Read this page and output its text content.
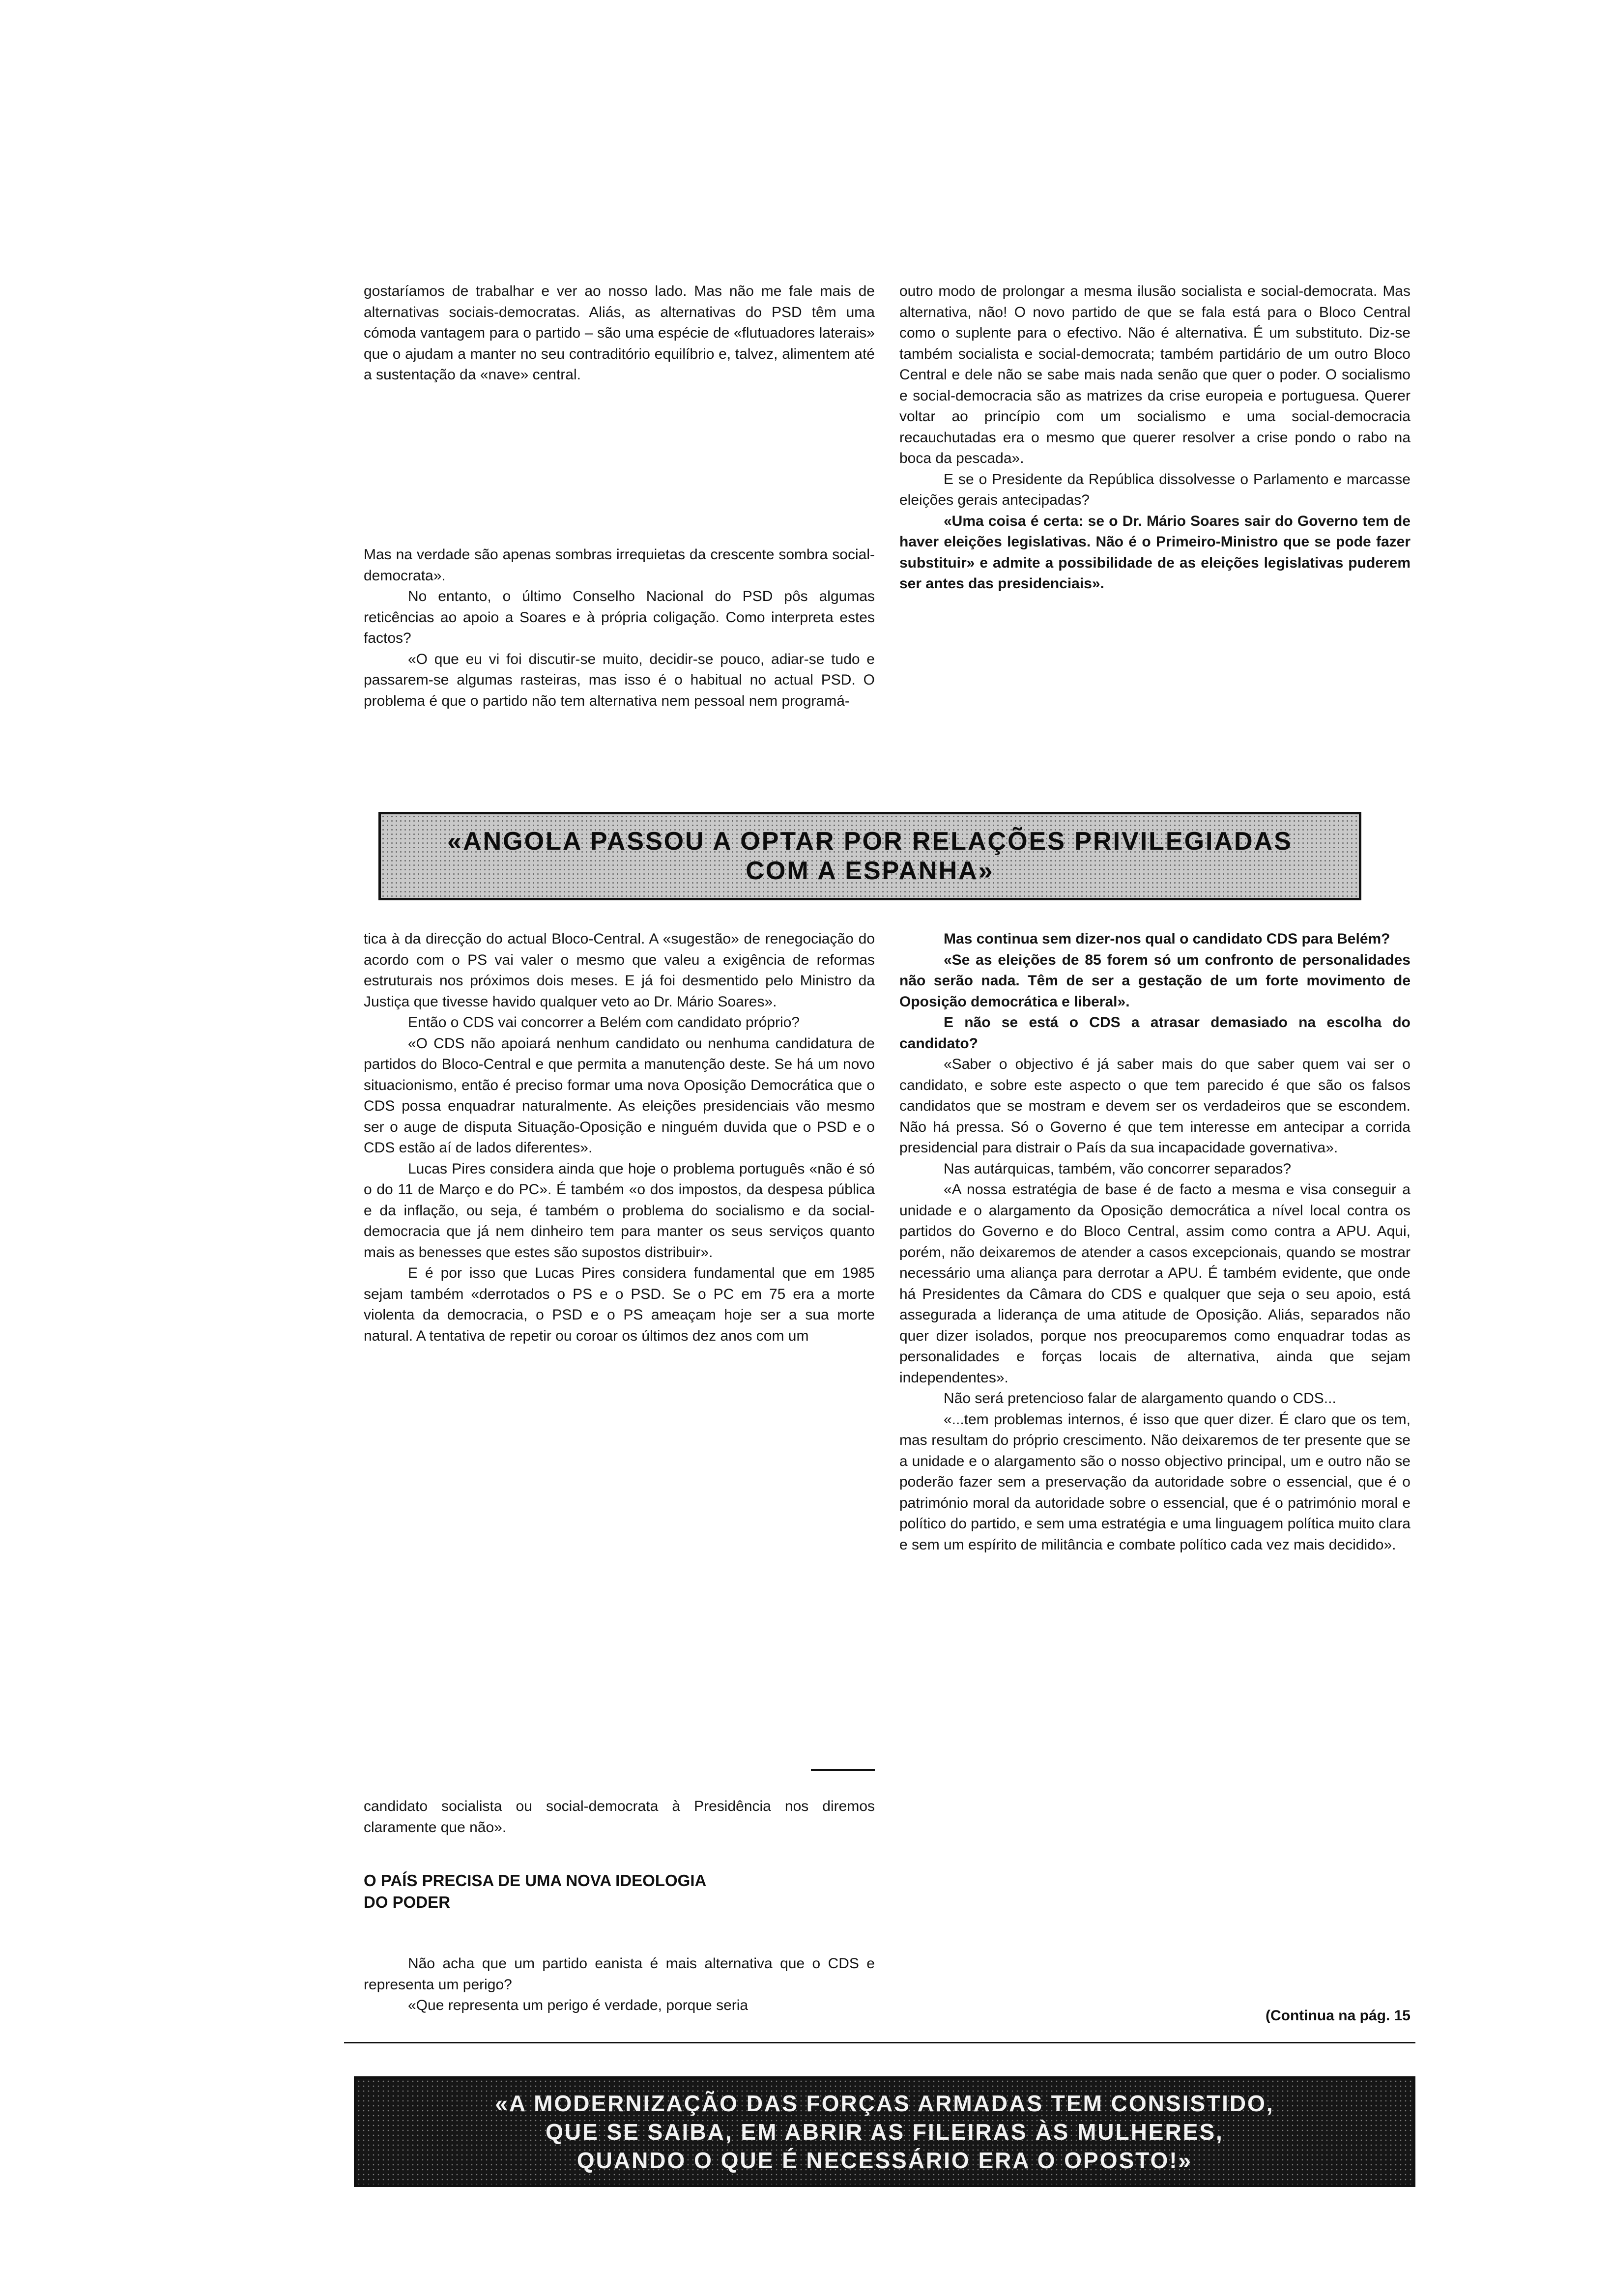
gostaríamos de trabalhar e ver ao nosso lado. Mas não me fale mais de alternativas sociais-democratas. Aliás, as alternativas do PSD têm uma cómoda vantagem para o partido – são uma espécie de «flutuadores laterais» que o ajudam a manter no seu contraditório equilíbrio e, talvez, alimentem até a sustentação da «nave» central.

Mas na verdade são apenas sombras irrequietas da crescente sombra social-democrata».

No entanto, o último Conselho Nacional do PSD pôs algumas reticências ao apoio a Soares e à própria coligação. Como interpreta estes factos?

«O que eu vi foi discutir-se muito, decidir-se pouco, adiar-se tudo e passarem-se algumas rasteiras, mas isso é o habitual no actual PSD. O problema é que o partido não tem alternativa nem pessoal nem programá-

outro modo de prolongar a mesma ilusão socialista e social-democrata. Mas alternativa, não! O novo partido de que se fala está para o Bloco Central como o suplente para o efectivo. Não é alternativa. É um substituto. Diz-se também socialista e social-democrata; também partidário de um outro Bloco Central e dele não se sabe mais nada senão que quer o poder. O socialismo e social-democracia são as matrizes da crise europeia e portuguesa. Querer voltar ao princípio com um socialismo e uma social-democracia recauchutadas era o mesmo que querer resolver a crise pondo o rabo na boca da pescada».

E se o Presidente da República dissolvesse o Parlamento e marcasse eleições gerais antecipadas?

«Uma coisa é certa: se o Dr. Mário Soares sair do Governo tem de haver eleições legislativas. Não é o Primeiro-Ministro que se pode fazer substituir» e admite a possibilidade de as eleições legislativas puderem ser antes das presidenciais».

«ANGOLA PASSOU A OPTAR POR RELAÇÕES PRIVILEGIADAS
COM A ESPANHA»

tica à da direcção do actual Bloco-Central. A «sugestão» de renegociação do acordo com o PS vai valer o mesmo que valeu a exigência de reformas estruturais nos próximos dois meses. E já foi desmentido pelo Ministro da Justiça que tivesse havido qualquer veto ao Dr. Mário Soares».

Então o CDS vai concorrer a Belém com candidato próprio?

«O CDS não apoiará nenhum candidato ou nenhuma candidatura de partidos do Bloco-Central e que permita a manutenção deste. Se há um novo situacionismo, então é preciso formar uma nova Oposição Democrática que o CDS possa enquadrar naturalmente. As eleições presidenciais vão mesmo ser o auge de disputa Situação-Oposição e ninguém duvida que o PSD e o CDS estão aí de lados diferentes».

Lucas Pires considera ainda que hoje o problema português «não é só o do 11 de Março e do PC». É também «o dos impostos, da despesa pública e da inflação, ou seja, é também o problema do socialismo e da social-democracia que já nem dinheiro tem para manter os seus serviços quanto mais as benesses que estes são supostos distribuir».

E é por isso que Lucas Pires considera fundamental que em 1985 sejam também «derrotados o PS e o PSD. Se o PC em 75 era a morte violenta da democracia, o PSD e o PS ameaçam hoje ser a sua morte natural. A tentativa de repetir ou coroar os últimos dez anos com um

candidato socialista ou social-democrata à Presidência nos diremos claramente que não».

O PAÍS PRECISA DE UMA NOVA IDEOLOGIA
DO PODER

Não acha que um partido eanista é mais alternativa que o CDS e representa um perigo?

«Que representa um perigo é verdade, porque seria

Mas continua sem dizer-nos qual o candidato CDS para Belém?

«Se as eleições de 85 forem só um confronto de personalidades não serão nada. Têm de ser a gestação de um forte movimento de Oposição democrática e liberal».

E não se está o CDS a atrasar demasiado na escolha do candidato?

«Saber o objectivo é já saber mais do que saber quem vai ser o candidato, e sobre este aspecto o que tem parecido é que são os falsos candidatos que se mostram e devem ser os verdadeiros que se escondem. Não há pressa. Só o Governo é que tem interesse em antecipar a corrida presidencial para distrair o País da sua incapacidade governativa».

Nas autárquicas, também, vão concorrer separados?

«A nossa estratégia de base é de facto a mesma e visa conseguir a unidade e o alargamento da Oposição democrática a nível local contra os partidos do Governo e do Bloco Central, assim como contra a APU. Aqui, porém, não deixaremos de atender a casos excepcionais, quando se mostrar necessário uma aliança para derrotar a APU. É também evidente, que onde há Presidentes da Câmara do CDS e qualquer que seja o seu apoio, está assegurada a liderança de uma atitude de Oposição. Aliás, separados não quer dizer isolados, porque nos preocuparemos como enquadrar todas as personalidades e forças locais de alternativa, ainda que sejam independentes».

Não será pretencioso falar de alargamento quando o CDS...

«...tem problemas internos, é isso que quer dizer. É claro que os tem, mas resultam do próprio crescimento. Não deixaremos de ter presente que se a unidade e o alargamento são o nosso objectivo principal, um e outro não se poderão fazer sem a preservação da autoridade sobre o essencial, que é o património moral da autoridade sobre o essencial, que é o património moral e político do partido, e sem uma estratégia e uma linguagem política muito clara e sem um espírito de militância e combate político cada vez mais decidido».

(Continua na pág. 15
«A MODERNIZAÇÃO DAS FORÇAS ARMADAS TEM CONSISTIDO,
QUE SE SAIBA, EM ABRIR AS FILEIRAS ÀS MULHERES,
QUANDO O QUE É NECESSÁRIO ERA O OPOSTO!»
